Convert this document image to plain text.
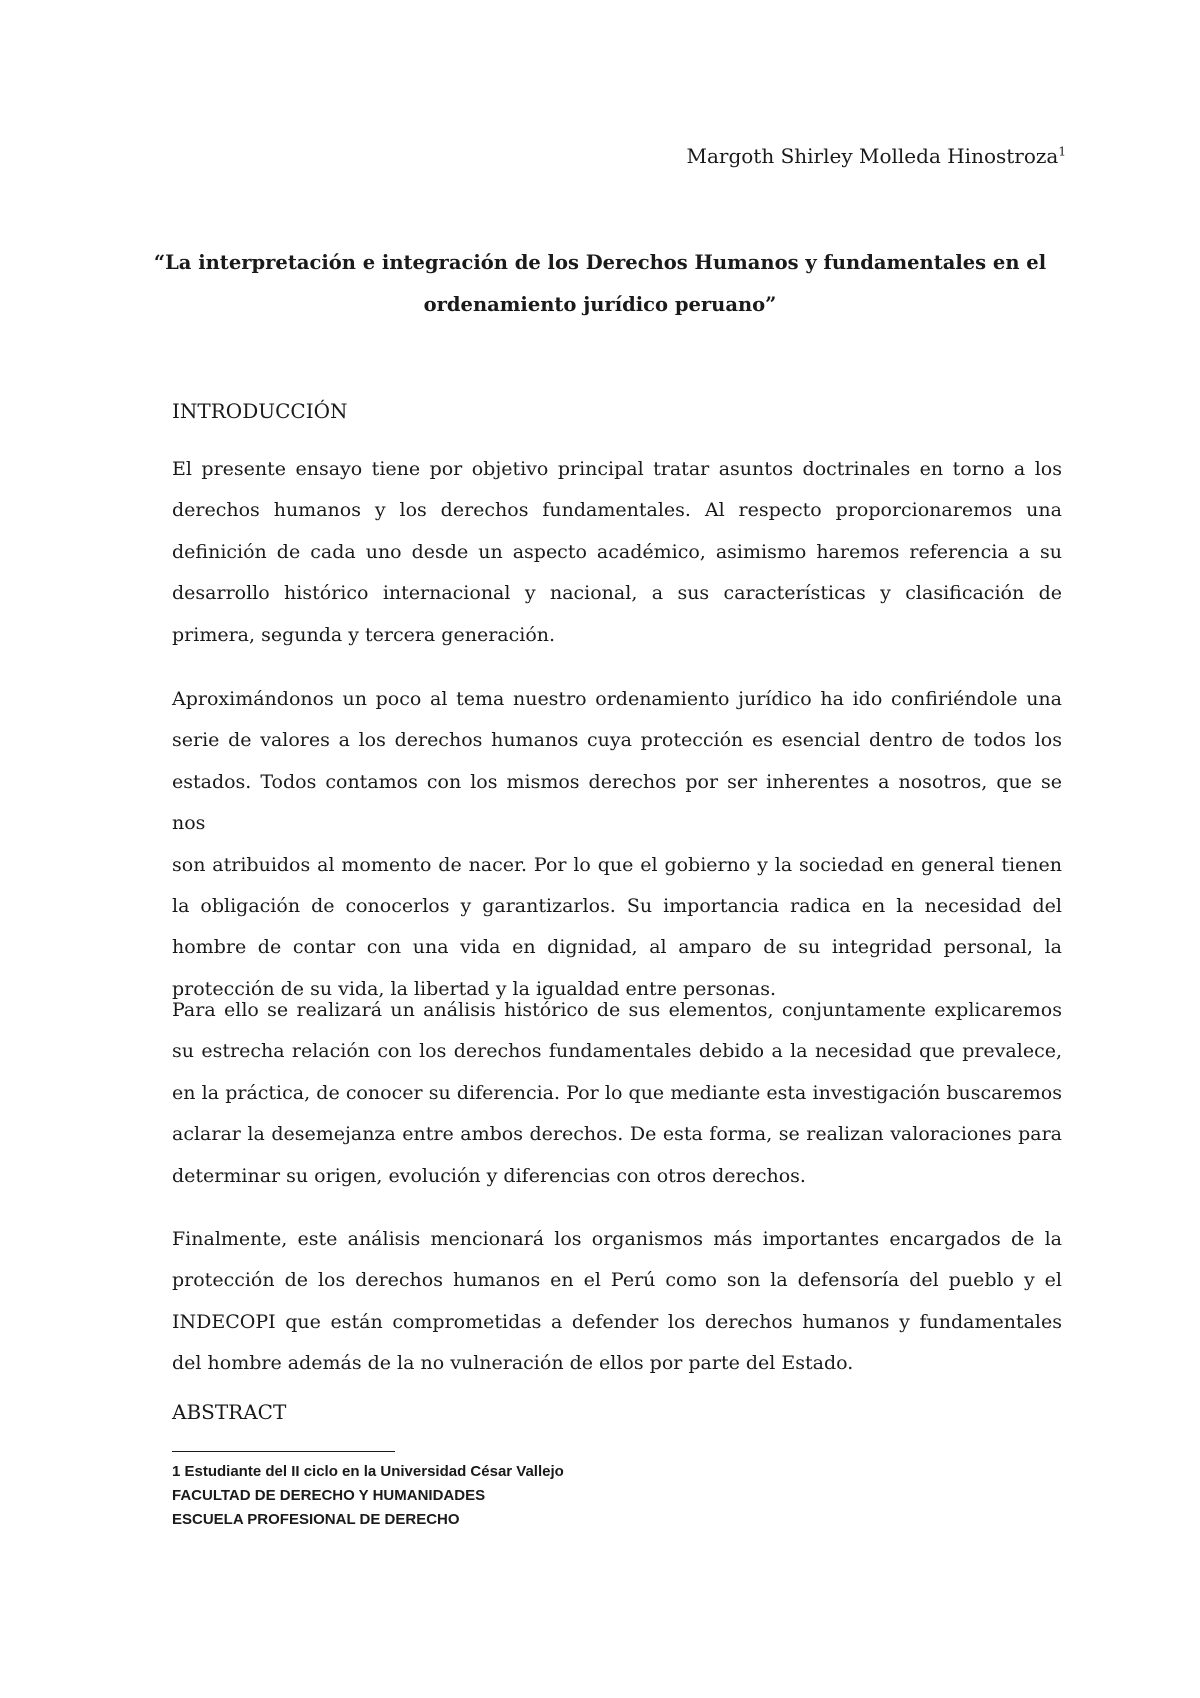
Margoth Shirley Molleda Hinostroza$^1$
“La interpretación e integración de los Derechos Humanos y fundamentales en el
ordenamiento jurídico peruano”
INTRODUCCIÓN
El presente ensayo tiene por objetivo principal tratar asuntos doctrinales en torno a los
derechos humanos y los derechos fundamentales. Al respecto proporcionaremos una
definición de cada uno desde un aspecto académico, asimismo haremos referencia a su
desarrollo histórico internacional y nacional, a sus características y clasificación de
primera, segunda y tercera generación.
Aproximándonos un poco al tema nuestro ordenamiento jurídico ha ido confiriéndole una
serie de valores a los derechos humanos cuya protección es esencial dentro de todos los
estados. Todos contamos con los mismos derechos por ser inherentes a nosotros, que se nos
son atribuidos al momento de nacer. Por lo que el gobierno y la sociedad en general tienen
la obligación de conocerlos y garantizarlos. Su importancia radica en la necesidad del
hombre de contar con una vida en dignidad, al amparo de su integridad personal, la
protección de su vida, la libertad y la igualdad entre personas.
Para ello se realizará un análisis histórico de sus elementos, conjuntamente explicaremos
su estrecha relación con los derechos fundamentales debido a la necesidad que prevalece,
en la práctica, de conocer su diferencia. Por lo que mediante esta investigación buscaremos
aclarar la desemejanza entre ambos derechos. De esta forma, se realizan valoraciones para
determinar su origen, evolución y diferencias con otros derechos.
Finalmente, este análisis mencionará los organismos más importantes encargados de la
protección de los derechos humanos en el Perú como son la defensoría del pueblo y el
INDECOPI que están comprometidas a defender los derechos humanos y fundamentales
del hombre además de la no vulneración de ellos por parte del Estado.
ABSTRACT
1 Estudiante del II ciclo en la Universidad César Vallejo
FACULTAD DE DERECHO Y HUMANIDADES
ESCUELA PROFESIONAL DE DERECHO
